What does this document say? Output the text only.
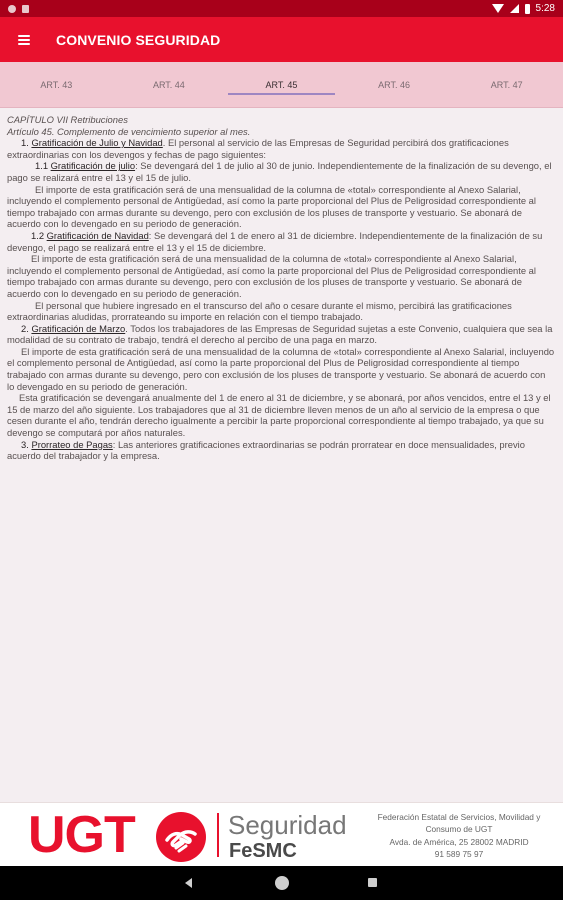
5:28
CONVENIO SEGURIDAD
ART. 43	ART. 44	ART. 45	ART. 46	ART. 47

CAPÍTULO VII Retribuciones

Artículo 45. Complemento de vencimiento superior al mes.

1. Gratificación de Julio y Navidad. El personal al servicio de las Empresas de Seguridad percibirá dos gratificaciones extraordinarias con los devengos y fechas de pago siguientes:

1.1 Gratificación de julio: Se devengará del 1 de julio al 30 de junio. Independientemente de la finalización de su devengo, el pago se realizará entre el 13 y el 15 de julio.

El importe de esta gratificación será de una mensualidad de la columna de «total» correspondiente al Anexo Salarial, incluyendo el complemento personal de Antigüedad, así como la parte proporcional del Plus de Peligrosidad correspondiente al tiempo trabajado con armas durante su devengo, pero con exclusión de los pluses de transporte y vestuario. Se abonará de acuerdo con lo devengado en su periodo de generación.

1.2 Gratificación de Navidad: Se devengará del 1 de enero al 31 de diciembre. Independientemente de la finalización de su devengo, el pago se realizará entre el 13 y el 15 de diciembre.

El importe de esta gratificación será de una mensualidad de la columna de «total» correspondiente al Anexo Salarial, incluyendo el complemento personal de Antigüedad, así como la parte proporcional del Plus de Peligrosidad correspondiente al tiempo trabajado con armas durante su devengo, pero con exclusión de los pluses de transporte y vestuario. Se abonará de acuerdo con lo devengado en su periodo de generación.

El personal que hubiere ingresado en el transcurso del año o cesare durante el mismo, percibirá las gratificaciones extraordinarias aludidas, prorrateando su importe en relación con el tiempo trabajado.

2. Gratificación de Marzo. Todos los trabajadores de las Empresas de Seguridad sujetas a este Convenio, cualquiera que sea la modalidad de su contrato de trabajo, tendrá el derecho al percibo de una paga en marzo.

El importe de esta gratificación será de una mensualidad de la columna de «total» correspondiente al Anexo Salarial, incluyendo el complemento personal de Antigüedad, así como la parte proporcional del Plus de Peligrosidad correspondiente al tiempo trabajado con armas durante su devengo, pero con exclusión de los pluses de transporte y vestuario. Se abonará de acuerdo con lo devengado en su periodo de generación.

Esta gratificación se devengará anualmente del 1 de enero al 31 de diciembre, y se abonará, por años vencidos, entre el 13 y el 15 de marzo del año siguiente. Los trabajadores que al 31 de diciembre lleven menos de un año al servicio de la empresa o que cesen durante el año, tendrán derecho igualmente a percibir la parte proporcional correspondiente al tiempo trabajado, ya que su devengo se computará por años naturales.

3. Prorrateo de Pagas: Las anteriores gratificaciones extraordinarias se podrán prorratear en doce mensualidades, previo acuerdo del trabajador y la empresa.

UGT	Seguridad
FeSMC
Federación Estatal de Servicios, Movilidad y
Consumo de UGT
Avda. de América, 25 28002 MADRID
91 589 75 97
